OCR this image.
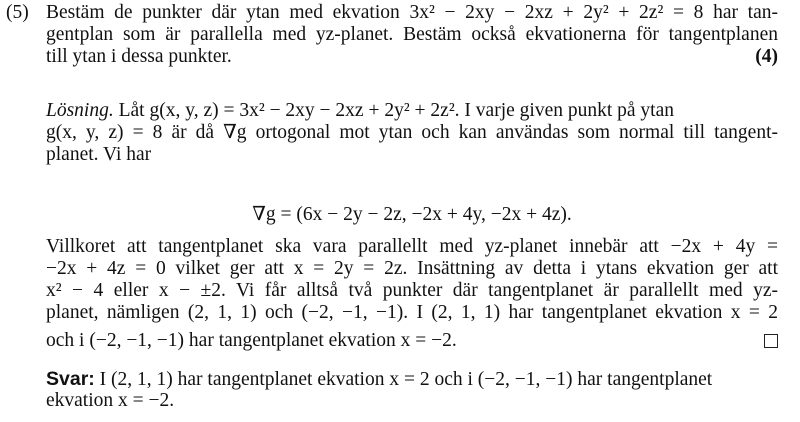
(5) Bestäm de punkter där ytan med ekvation 3x² − 2xy − 2xz + 2y² + 2z² = 8 har tan-
gentplan som är parallella med yz-planet. Bestäm också ekvationerna för tangentplanen
till ytan i dessa punkter.	(4)
Lösning. Låt g(x, y, z) = 3x² − 2xy − 2xz + 2y² + 2z². I varje given punkt på ytan
g(x, y, z) = 8 är då ∇g ortogonal mot ytan och kan användas som normal till tangent-
planet. Vi har
∇g = (6x − 2y − 2z, −2x + 4y, −2x + 4z).
Villkoret att tangentplanet ska vara parallellt med yz-planet innebär att −2x + 4y =
−2x + 4z = 0 vilket ger att x = 2y = 2z. Insättning av detta i ytans ekvation ger att
x² − 4 eller x − ±2. Vi får alltså två punkter där tangentplanet är parallellt med yz-
planet, nämligen (2, 1, 1) och (−2, −1, −1). I (2, 1, 1) har tangentplanet ekvation x = 2
och i (−2, −1, −1) har tangentplanet ekvation x = −2.
Svar: I (2, 1, 1) har tangentplanet ekvation x = 2 och i (−2, −1, −1) har tangentplanet
ekvation x = −2.
